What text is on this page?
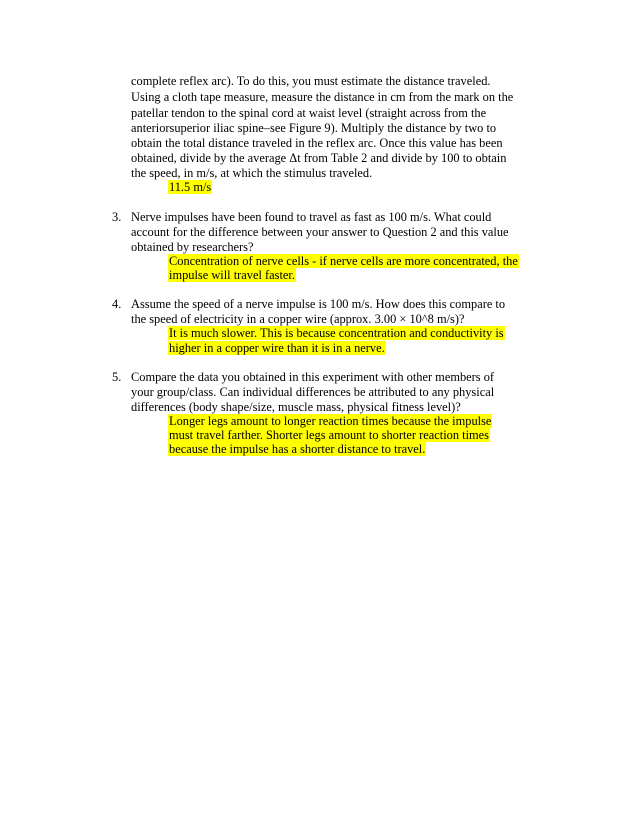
complete reflex arc). To do this, you must estimate the distance traveled.
Using a cloth tape measure, measure the distance in cm from the mark on the
patellar tendon to the spinal cord at waist level (straight across from the
anteriorsuperior iliac spine–see Figure 9). Multiply the distance by two to
obtain the total distance traveled in the reflex arc. Once this value has been
obtained, divide by the average Δt from Table 2 and divide by 100 to obtain
the speed, in m/s, at which the stimulus traveled.
11.5 m/s
3. Nerve impulses have been found to travel as fast as 100 m/s. What could
account for the difference between your answer to Question 2 and this value
obtained by researchers?
Concentration of nerve cells - if nerve cells are more concentrated, the
impulse will travel faster.
4. Assume the speed of a nerve impulse is 100 m/s. How does this compare to
the speed of electricity in a copper wire (approx. 3.00 × 10^8 m/s)?
It is much slower. This is because concentration and conductivity is
higher in a copper wire than it is in a nerve.
5. Compare the data you obtained in this experiment with other members of
your group/class. Can individual differences be attributed to any physical
differences (body shape/size, muscle mass, physical fitness level)?
Longer legs amount to longer reaction times because the impulse
must travel farther. Shorter legs amount to shorter reaction times
because the impulse has a shorter distance to travel.
